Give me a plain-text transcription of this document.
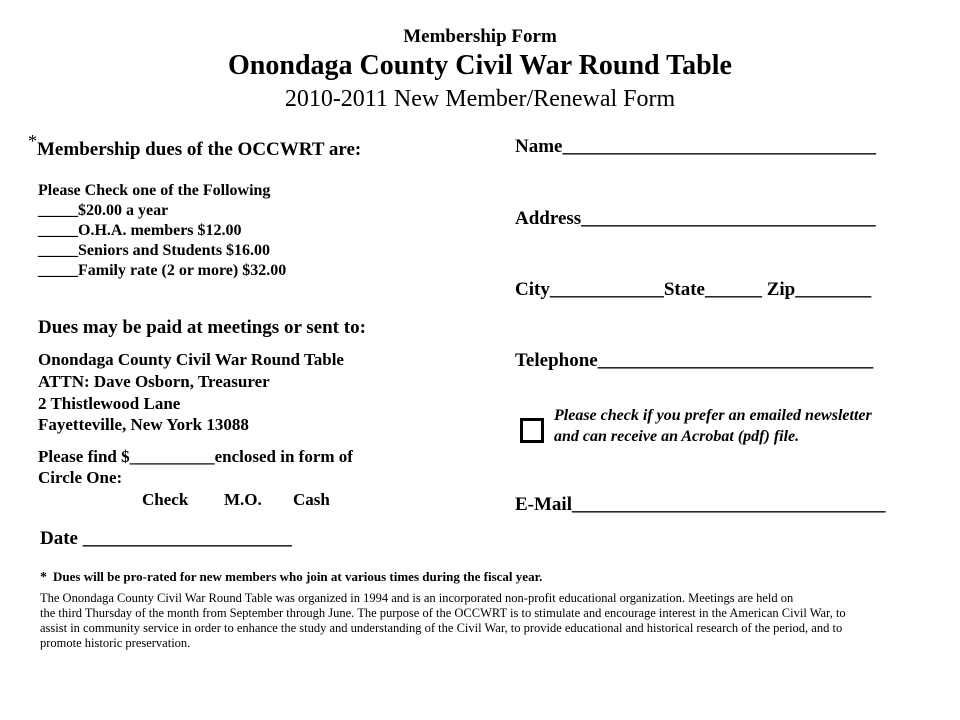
Membership Form
Onondaga County Civil War Round Table
2010-2011 New Member/Renewal Form
*Membership dues of the OCCWRT are:
Please Check one of the Following
_____$20.00 a year
_____O.H.A. members $12.00
_____Seniors and Students $16.00
_____Family rate (2 or more) $32.00
Dues may be paid at meetings or sent to:
Onondaga County Civil War Round Table
ATTN: Dave Osborn, Treasurer
2 Thistlewood Lane
Fayetteville, New York 13088
Please find $__________enclosed in form of
Circle One:
Check M.O. Cash
Date ______________________
Name_________________________________
Address_______________________________
City____________State______ Zip________
Telephone_____________________________
Please check if you prefer an emailed newsletter
and can receive an Acrobat (pdf) file.
E-Mail_________________________________
* Dues will be pro-rated for new members who join at various times during the fiscal year.
The Onondaga County Civil War Round Table was organized in 1994 and is an incorporated non-profit educational organization. Meetings are held on
the third Thursday of the month from September through June. The purpose of the OCCWRT is to stimulate and encourage interest in the American Civil War, to
assist in community service in order to enhance the study and understanding of the Civil War, to provide educational and historical research of the period, and to
promote historic preservation.
